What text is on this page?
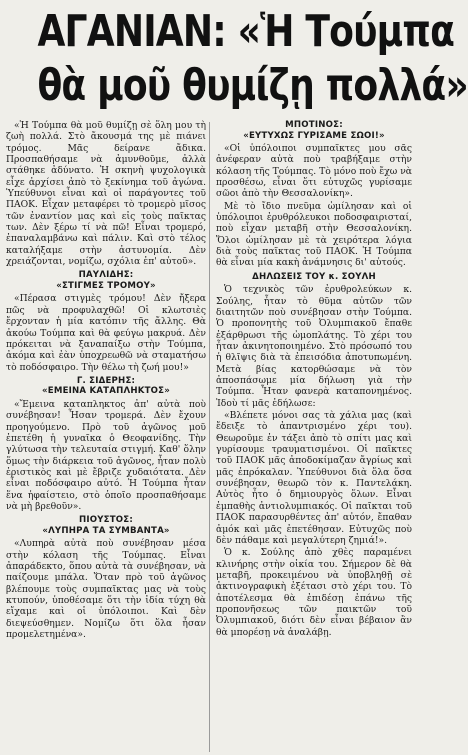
ΑΓΑΝΙΑΝ: «Ἡ Τούμπα
θὰ μοῦ θυμίζῃ πολλά»

«Ἡ Τούμπα θὰ μοῦ θυμίζῃ σὲ ὅλη μου τὴ ζωὴ πολλά. Στὸ ἄκουσμά της μὲ πιάνει τρόμος. Μᾶς δείρανε ἄδικα. Προσπαθήσαμε νὰ ἀμυνθοῦμε, ἀλλὰ στάθηκε ἀδύνατο. Ἡ σκηνὴ ψυχολογικὰ εἶχε ἀρχίσει ἀπὸ τὸ ξεκίνημα τοῦ ἀγώνα. Ὑπεύθυνοι εἶναι καὶ οἱ παράγοντες τοῦ ΠΑΟΚ. Εἶχαν μεταφέρει τὸ τρομερὸ μῖσος τῶν ἐναντίον μας καὶ εἰς τοὺς παῖκτας των. Δὲν ξέρω τί νὰ πῶ! Εἶναι τρομερό, ἐπαναλαμβάνω καὶ πάλιν. Καὶ στὸ τέλος καταλήξαμε στὴν ἀστυνομία. Δὲν χρειάζονται, νομίζω, σχόλια ἐπ' αὐτοῦ».

ΠΑΥΛΙΔΗΣ:
«ΣΤΙΓΜΕΣ ΤΡΟΜΟΥ»

«Πέρασα στιγμὲς τρόμου! Δὲν ἤξερα πῶς νὰ προφυλαχθῶ! Οἱ κλωτσιὲς ἔρχονταν ἡ μία κατόπιν τῆς ἄλλης. Θὰ ἀκούω Τούμπα καὶ θὰ φεύγω μακρυά. Δὲν πρόκειται νὰ ξαναπαίξω στὴν Τούμπα, ἀκόμα καὶ ἐὰν ὑποχρεωθῶ νὰ σταματήσω τὸ ποδόσφαιρο. Τὴν θέλω τὴ ζωή μου!»

Γ. ΣΙΔΕΡΗΣ:
«ΕΜΕΙΝΑ ΚΑΤΑΠΛΗΚΤΟΣ»

«Ἔμεινα καταπληκτος ἀπ' αὐτὰ ποὺ συνέβησαν! Ἦσαν τρομερά. Δὲν ἔχουν προηγούμενο. Πρὸ τοῦ ἀγῶνος μοῦ ἐπετέθη ἡ γυναῖκα ὁ Θεοφανίδης. Τὴν γλύτωσα τὴν τελευταία στιγμή. Καθ' ὅλην ὅμως τὴν διάρκεια τοῦ ἀγῶνος, ἦταν πολὺ ἐριστικὸς καὶ μὲ ἔβριζε χυδαιότατα. Δὲν εἶναι ποδόσφαιρο αὐτό. Ἡ Τούμπα ἦταν ἕνα ἡφαίστειο, στὸ ὁποῖο προσπαθήσαμε νὰ μὴ βρεθοῦν».

ΠΙΟΥΣΤΟΣ:
«ΛΥΠΗΡΑ ΤΑ ΣΥΜΒΑΝΤΑ»

«Λυπηρὰ αὐτὰ ποὺ συνέβησαν μέσα στὴν κόλαση τῆς Τούμπας. Εἶναι ἀπαράδεκτο, ὅπου αὐτὰ τὰ συνέβησαν, νὰ παίζουμε μπάλα. Ὅταν πρὸ τοῦ ἀγῶνος βλέπουμε τοὺς συμπαῖκτας μας νὰ τοὺς κτυπούν, ὑποθέσαμε ὅτι τὴν ἰδία τύχη θὰ εἴχαμε καὶ οἱ ὑπόλοιποι. Καὶ δὲν διεψεύσθημεν. Νομίζω ὅτι ὅλα ἦσαν προμελετημένα».

ΜΠΟΤΙΝΟΣ:
«ΕΥΤΥΧΩΣ ΓΥΡΙΣΑΜΕ ΣΩΟΙ!»

«Οἱ ὑπόλοιποι συμπαῖκτες μου σᾶς ἀνέφεραν αὐτὰ ποὺ τραβήξαμε στὴν κόλαση τῆς Τούμπας. Τὸ μόνο ποὺ ἔχω νὰ προσθέσω, εἶναι ὅτι εὐτυχῶς γυρίσαμε σῶοι ἀπὸ τὴν Θεσσαλονίκη».

Μὲ τὸ ἴδιο πνεῦμα ὡμίλησαν καὶ οἱ ὑπόλοιποι ἐρυθρόλευκοι ποδοσφαιρισταί, ποὺ εἶχαν μεταβῆ στὴν Θεσσαλονίκη. Ὅλοι ὡμίλησαν μὲ τὰ χειρότερα λόγια διὰ τοὺς παῖκτας τοῦ ΠΑΟΚ. Ἡ Τούμπα θὰ εἶναι μία κακὴ ἀνάμνησις δι' αὐτούς.

ΔΗΛΩΣΕΙΣ ΤΟΥ κ. ΣΟΥΛΗ

Ὁ τεχνικὸς τῶν ἐρυθρολεύκων κ. Σούλης, ἦταν τὸ θῦμα αὐτῶν τῶν διαιτητῶν ποὺ συνέβησαν στὴν Τούμπα. Ὁ προπονητὴς τοῦ Ὀλυμπιακοῦ ἔπαθε ἐξάρθρωσι τῆς ὠμοπλάτης. Τὸ χέρι του ἦταν ἀκινητοποιημένο. Στὸ πρόσωπό του ἡ θλῖψις διὰ τὰ ἐπεισόδια ἀποτυπωμένη. Μετὰ βίας κατορθώσαμε νὰ τὸν ἀποσπάσωμε μία δήλωση γιὰ τὴν Τούμπα. Ἦταν φανερὰ καταπονημένος. Ἰδοὺ τί μᾶς ἐδήλωσε:

«Βλέπετε μόνοι σας τὰ χάλια μας (καὶ ἔδειξε τὸ ἀπαντρισμένο χέρι του). Θεωροῦμε ἐν τάξει ἀπὸ τὸ σπίτι μας καὶ γυρίσουμε τραυματισμένοι. Οἱ παῖκτες τοῦ ΠΑΟΚ μᾶς ἀποδοκίμαζαν ἄγρίως καὶ μᾶς ἐπρόκαλαν. Ὑπεύθυνοι διὰ ὅλα ὅσα συνέβησαν, θεωρῶ τὸν κ. Παντελάκη. Αὐτὸς ἦτο ὁ δημιουργὸς ὅλων. Εἶναι ἐμπαθὴς ἀντιολυμπιακός. Οἱ παῖκται τοῦ ΠΑΟΚ παρασυρθέντες ἀπ' αὐτόν, ἔπαθαν ἀμόκ καὶ μᾶς ἐπετέθησαν. Εὐτυχῶς ποὺ δὲν πάθαμε καὶ μεγαλύτερη ζημιά!».

Ὁ κ. Σούλης ἀπὸ χθὲς παραμένει κλινήρης στὴν οἰκία του. Σήμερον δὲ θὰ μεταβῆ, προκειμένου νὰ ὑποβληθῇ σὲ ἀκτινογραφικὴ ἐξέτασι στὸ χέρι του. Τὸ ἀποτέλεσμα θὰ ἐπιδέσῃ ἐπάνω τῆς προπονῆσεως τῶν παικτῶν τοῦ Ὀλυμπιακοῦ, διότι δὲν εἶναι βέβαιον ἂν θὰ μπορέσῃ νὰ ἀναλάβῃ.
